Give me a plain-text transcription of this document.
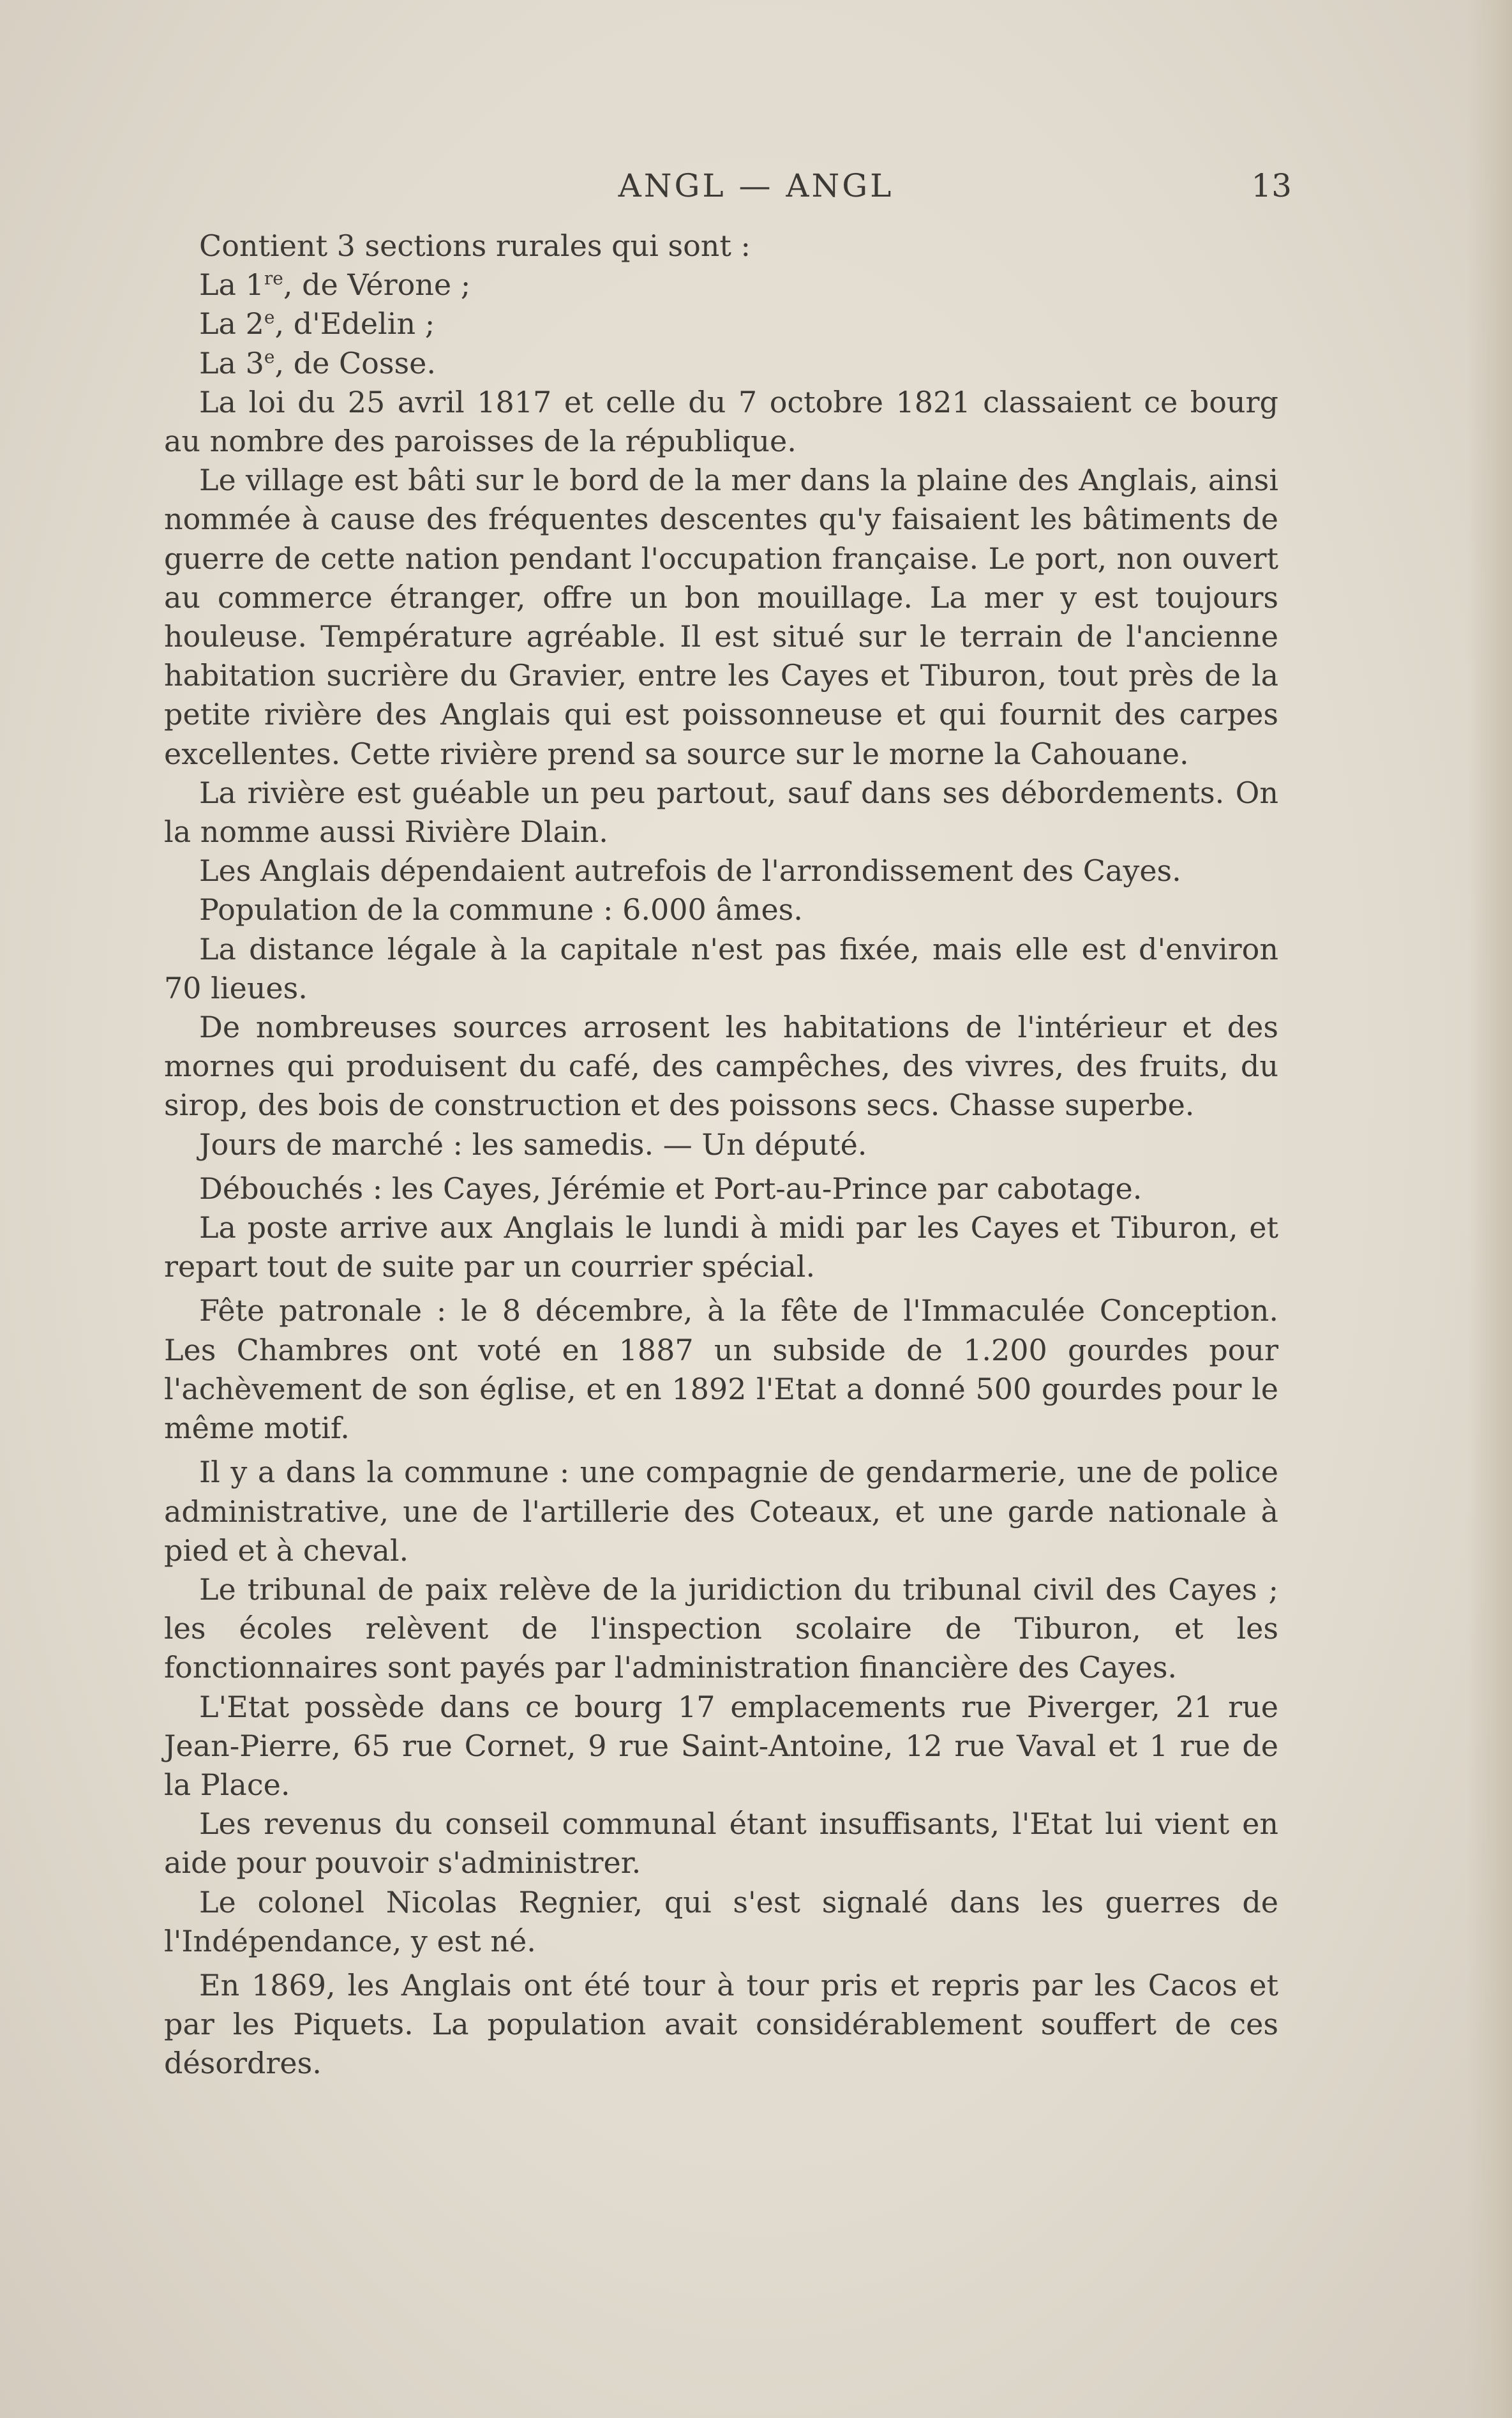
ANGL — ANGL	13

Contient 3 sections rurales qui sont :

La 1re, de Vérone ;

La 2e, d'Edelin ;

La 3e, de Cosse.

La loi du 25 avril 1817 et celle du 7 octobre 1821 classaient ce bourg au nombre des paroisses de la république.

Le village est bâti sur le bord de la mer dans la plaine des Anglais, ainsi nommée à cause des fréquentes descentes qu'y faisaient les bâtiments de guerre de cette nation pendant l'occupation française. Le port, non ouvert au commerce étranger, offre un bon mouillage. La mer y est toujours houleuse. Température agréable. Il est situé sur le terrain de l'ancienne habitation sucrière du Gravier, entre les Cayes et Tiburon, tout près de la petite rivière des Anglais qui est poissonneuse et qui fournit des carpes excellentes. Cette rivière prend sa source sur le morne la Cahouane.

La rivière est guéable un peu partout, sauf dans ses débordements. On la nomme aussi Rivière Dlain.

Les Anglais dépendaient autrefois de l'arrondissement des Cayes.

Population de la commune : 6.000 âmes.

La distance légale à la capitale n'est pas fixée, mais elle est d'environ 70 lieues.

De nombreuses sources arrosent les habitations de l'intérieur et des mornes qui produisent du café, des campêches, des vivres, des fruits, du sirop, des bois de construction et des poissons secs. Chasse superbe.

Jours de marché : les samedis. — Un député.

Débouchés : les Cayes, Jérémie et Port-au-Prince par cabotage.

La poste arrive aux Anglais le lundi à midi par les Cayes et Tiburon, et repart tout de suite par un courrier spécial.

Fête patronale : le 8 décembre, à la fête de l'Immaculée Conception. Les Chambres ont voté en 1887 un subside de 1.200 gourdes pour l'achèvement de son église, et en 1892 l'Etat a donné 500 gourdes pour le même motif.

Il y a dans la commune : une compagnie de gendarmerie, une de police administrative, une de l'artillerie des Coteaux, et une garde nationale à pied et à cheval.

Le tribunal de paix relève de la juridiction du tribunal civil des Cayes ; les écoles relèvent de l'inspection scolaire de Tiburon, et les fonctionnaires sont payés par l'administration financière des Cayes.

L'Etat possède dans ce bourg 17 emplacements rue Piverger, 21 rue Jean-Pierre, 65 rue Cornet, 9 rue Saint-Antoine, 12 rue Vaval et 1 rue de la Place.

Les revenus du conseil communal étant insuffisants, l'Etat lui vient en aide pour pouvoir s'administrer.

Le colonel Nicolas Regnier, qui s'est signalé dans les guerres de l'Indépendance, y est né.

En 1869, les Anglais ont été tour à tour pris et repris par les Cacos et par les Piquets. La population avait considérablement souffert de ces désordres.
